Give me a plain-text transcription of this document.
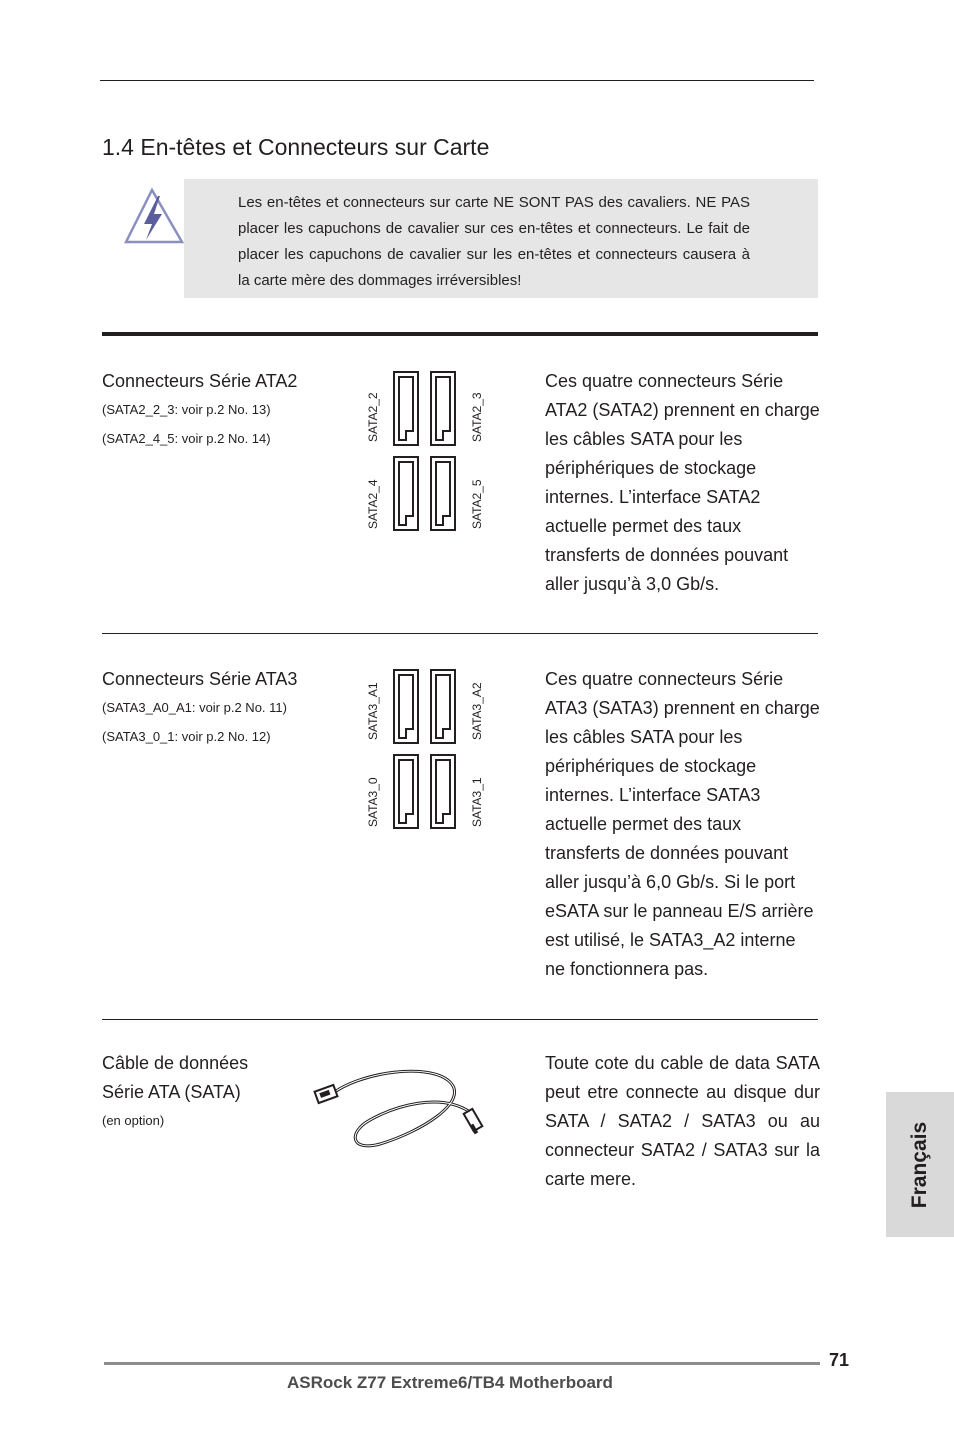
1.4 En-têtes et Connecteurs sur Carte
Les en-têtes et connecteurs sur carte NE SONT PAS des cavaliers. NE PAS placer les capuchons de cavalier sur ces en-têtes et connecteurs. Le fait de placer les capuchons de cavalier sur les en-têtes et connecteurs causera à la carte mère des dommages irréversibles!
Connecteurs Série ATA2
(SATA2_2_3: voir p.2 No. 13)
(SATA2_4_5: voir p.2 No. 14)	SATA2_2	SATA2_3
SATA2_4	SATA2_5
Ces quatre connecteurs Série ATA2 (SATA2) prennent en charge les câbles SATA pour les périphériques de stockage internes. L’interface SATA2 actuelle permet des taux transferts de données pouvant aller jusqu’à 3,0 Gb/s.
Connecteurs Série ATA3
(SATA3_A0_A1: voir p.2 No. 11)
(SATA3_0_1: voir p.2 No. 12)	SATA3_A1	SATA3_A2
SATA3_0	SATA3_1
Ces quatre connecteurs Série ATA3 (SATA3) prennent en charge les câbles SATA pour les périphériques de stockage internes. L’interface SATA3 actuelle permet des taux transferts de données pouvant aller jusqu’à 6,0 Gb/s. Si le port eSATA sur le panneau E/S arrière est utilisé, le SATA3_A2 interne ne fonctionnera pas.
Câble de données
Série ATA (SATA)
(en option)
Toute cote du cable de data SATA peut etre connecte au disque dur SATA / SATA2 / SATA3 ou au connecteur SATA2 / SATA3 sur la carte mere.	Français
71
ASRock Z77 Extreme6/TB4 Motherboard
